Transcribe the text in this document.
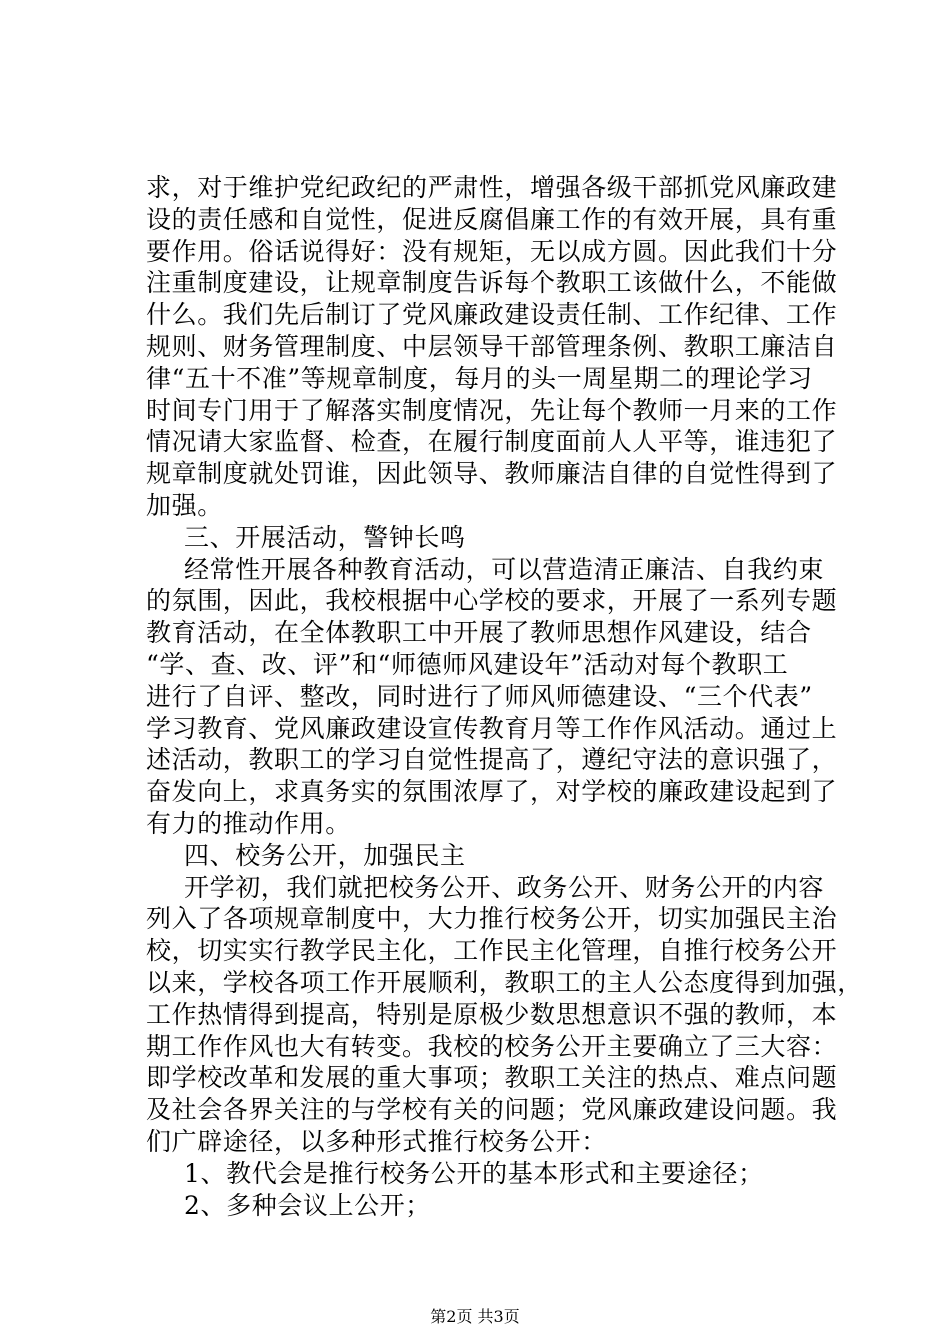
求，对于维护党纪政纪的严肃性，增强各级干部抓党风廉政建
设的责任感和自觉性，促进反腐倡廉工作的有效开展，具有重
要作用。俗话说得好：没有规矩，无以成方圆。因此我们十分
注重制度建设，让规章制度告诉每个教职工该做什么，不能做
什么。我们先后制订了党风廉政建设责任制、工作纪律、工作
规则、财务管理制度、中层领导干部管理条例、教职工廉洁自
律“五十不准”等规章制度，每月的头一周星期二的理论学习
时间专门用于了解落实制度情况，先让每个教师一月来的工作
情况请大家监督、检查，在履行制度面前人人平等，谁违犯了
规章制度就处罚谁，因此领导、教师廉洁自律的自觉性得到了
加强。
三、开展活动，警钟长鸣
经常性开展各种教育活动，可以营造清正廉洁、自我约束
的氛围，因此，我校根据中心学校的要求，开展了一系列专题
教育活动，在全体教职工中开展了教师思想作风建设，结合
“学、查、改、评”和“师德师风建设年”活动对每个教职工
进行了自评、整改，同时进行了师风师德建设、“三个代表”
学习教育、党风廉政建设宣传教育月等工作作风活动。通过上
述活动，教职工的学习自觉性提高了，遵纪守法的意识强了，
奋发向上，求真务实的氛围浓厚了，对学校的廉政建设起到了
有力的推动作用。
四、校务公开，加强民主
开学初，我们就把校务公开、政务公开、财务公开的内容
列入了各项规章制度中，大力推行校务公开，切实加强民主治
校，切实实行教学民主化，工作民主化管理，自推行校务公开
以来，学校各项工作开展顺利，教职工的主人公态度得到加强，
工作热情得到提高，特别是原极少数思想意识不强的教师，本
期工作作风也大有转变。我校的校务公开主要确立了三大容：
即学校改革和发展的重大事项；教职工关注的热点、难点问题
及社会各界关注的与学校有关的问题；党风廉政建设问题。我
们广辟途径，以多种形式推行校务公开：
1、教代会是推行校务公开的基本形式和主要途径；
2、多种会议上公开；
第2页 共3页
